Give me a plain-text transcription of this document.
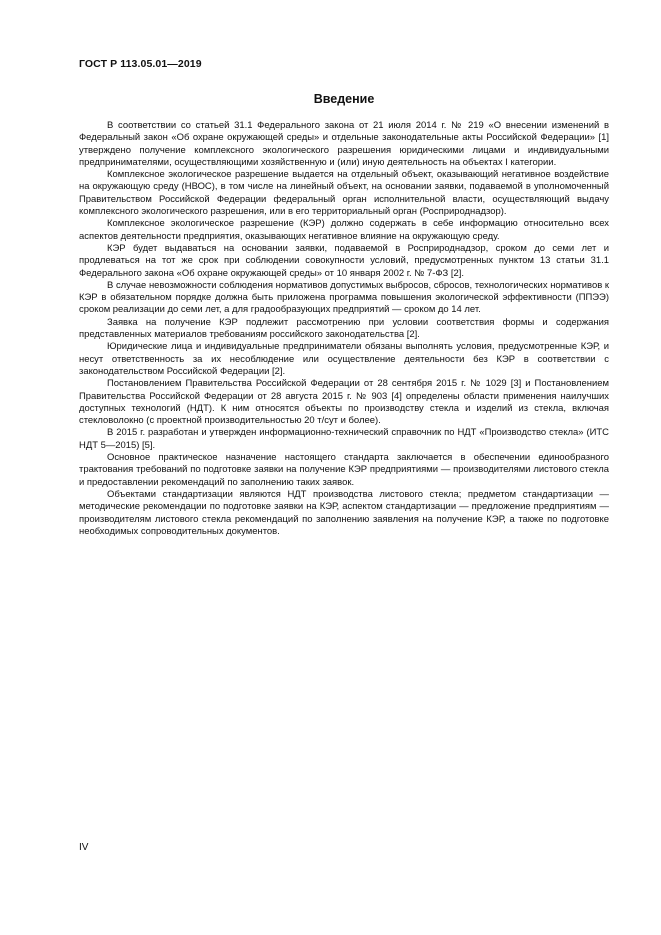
ГОСТ Р 113.05.01—2019
Введение

В соответствии со статьей 31.1 Федерального закона от 21 июля 2014 г. № 219 «О внесении изменений в Федеральный закон «Об охране окружающей среды» и отдельные законодательные акты Российской Федерации» [1] утверждено получение комплексного экологического разрешения юридическими лицами и индивидуальными предпринимателями, осуществляющими хозяйственную и (или) иную деятельность на объектах I категории.

Комплексное экологическое разрешение выдается на отдельный объект, оказывающий негативное воздействие на окружающую среду (НВОС), в том числе на линейный объект, на основании заявки, подаваемой в уполномоченный Правительством Российской Федерации федеральный орган исполнительной власти, осуществляющий выдачу комплексного экологического разрешения, или в его территориальный орган (Росприроднадзор).

Комплексное экологическое разрешение (КЭР) должно содержать в себе информацию относительно всех аспектов деятельности предприятия, оказывающих негативное влияние на окружающую среду.

КЭР будет выдаваться на основании заявки, подаваемой в Росприроднадзор, сроком до семи лет и продлеваться на тот же срок при соблюдении совокупности условий, предусмотренных пунктом 13 статьи 31.1 Федерального закона «Об охране окружающей среды» от 10 января 2002 г. № 7-ФЗ [2].

В случае невозможности соблюдения нормативов допустимых выбросов, сбросов, технологических нормативов к КЭР в обязательном порядке должна быть приложена программа повышения экологической эффективности (ППЭЭ) сроком реализации до семи лет, а для градообразующих предприятий — сроком до 14 лет.

Заявка на получение КЭР подлежит рассмотрению при условии соответствия формы и содержания представленных материалов требованиям российского законодательства [2].

Юридические лица и индивидуальные предприниматели обязаны выполнять условия, предусмотренные КЭР, и несут ответственность за их несоблюдение или осуществление деятельности без КЭР в соответствии с законодательством Российской Федерации [2].

Постановлением Правительства Российской Федерации от 28 сентября 2015 г. № 1029 [3] и Постановлением Правительства Российской Федерации от 28 августа 2015 г. № 903 [4] определены области применения наилучших доступных технологий (НДТ). К ним относятся объекты по производству стекла и изделий из стекла, включая стекловолокно (с проектной производительностью 20 т/сут и более).

В 2015 г. разработан и утвержден информационно-технический справочник по НДТ «Производство стекла» (ИТС НДТ 5—2015) [5].

Основное практическое назначение настоящего стандарта заключается в обеспечении единообразного трактования требований по подготовке заявки на получение КЭР предприятиями — производителями листового стекла и предоставлении рекомендаций по заполнению таких заявок.

Объектами стандартизации являются НДТ производства листового стекла; предметом стандартизации — методические рекомендации по подготовке заявки на КЭР, аспектом стандартизации — предложение предприятиям — производителям листового стекла рекомендаций по заполнению заявления на получение КЭР, а также по подготовке необходимых сопроводительных документов.

IV
